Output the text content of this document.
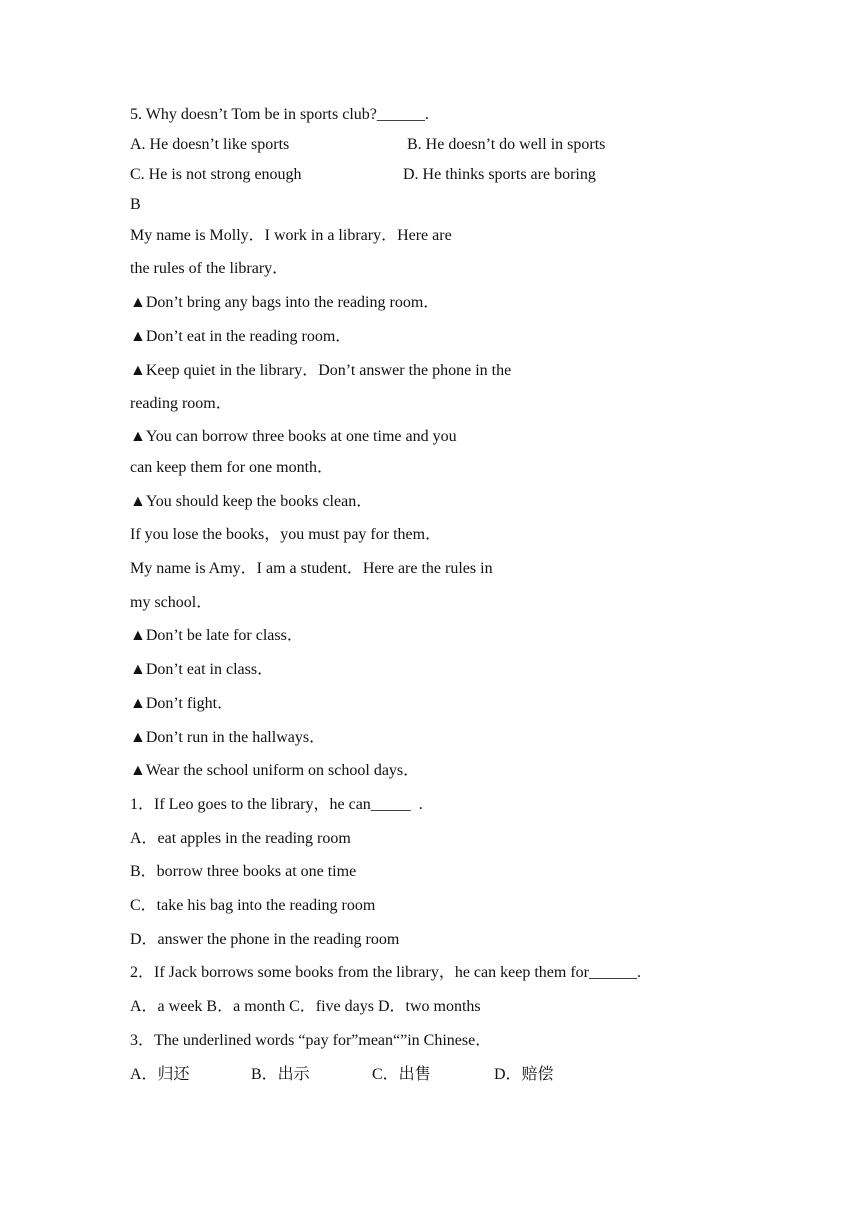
5. Why doesn’t Tom be in sports club?______.
A. He doesn’t like sports	B. He doesn’t do well in sports
C. He is not strong enough	D. He thinks sports are boring
B
My name is Molly．I work in a library．Here are
the rules of the library．
▲Don’t bring any bags into the reading room．
▲Don’t eat in the reading room．
▲Keep quiet in the library．Don’t answer the phone in the
reading room．
▲You can borrow three books at one time and you
can keep them for one month．
▲You should keep the books clean．
If you lose the books，you must pay for them．
My name is Amy．I am a student．Here are the rules in
my school．
▲Don’t be late for class．
▲Don’t eat in class．
▲Don’t fight．
▲Don’t run in the hallways．
▲Wear the school uniform on school days．
1．If Leo goes to the library，he can_____  .
A．eat apples in the reading room
B．borrow three books at one time
C．take his bag into the reading room
D．answer the phone in the reading room
2．If Jack borrows some books from the library，he can keep them for______.
A．a week B．a month C．five days D．two months
3．The underlined words “pay for”mean“”in Chinese．
A．归还	B．出示	C．出售	D．赔偿
